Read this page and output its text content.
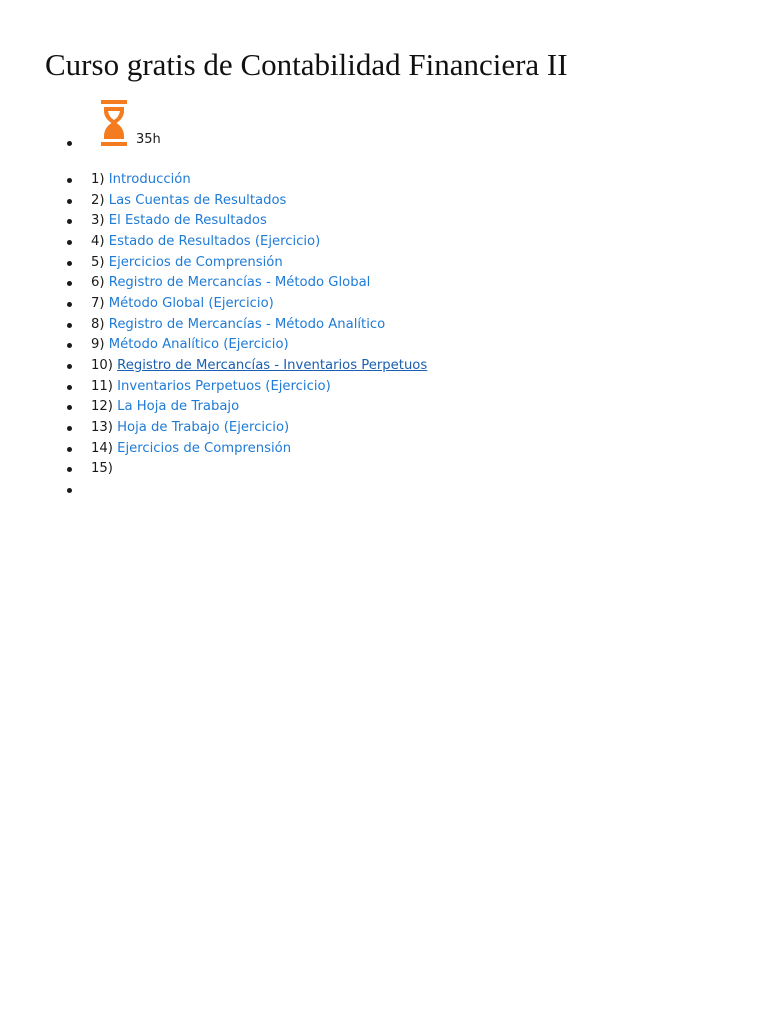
Curso gratis de Contabilidad Financiera II
35h
1) Introducción
2) Las Cuentas de Resultados
3) El Estado de Resultados
4) Estado de Resultados (Ejercicio)
5) Ejercicios de Comprensión
6) Registro de Mercancías - Método Global
7) Método Global (Ejercicio)
8) Registro de Mercancías - Método Analítico
9) Método Analítico (Ejercicio)
10) Registro de Mercancías - Inventarios Perpetuos
11) Inventarios Perpetuos (Ejercicio)
12) La Hoja de Trabajo
13) Hoja de Trabajo (Ejercicio)
14) Ejercicios de Comprensión
15)
